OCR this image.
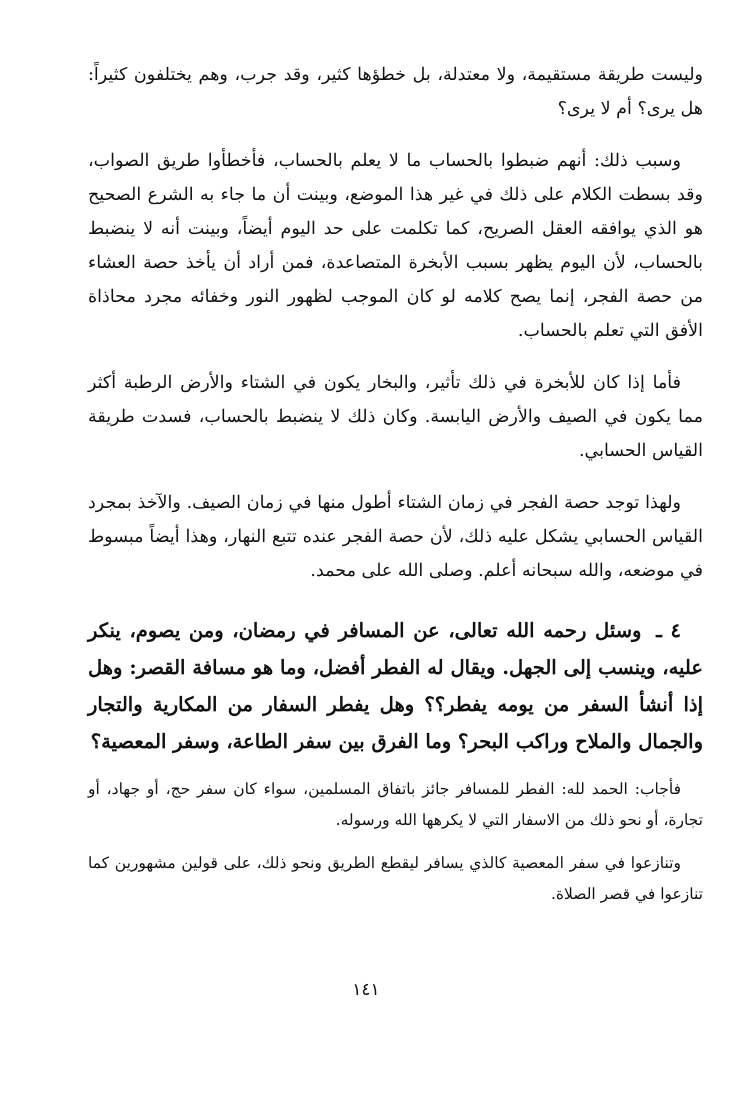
وليست طريقة مستقيمة، ولا معتدلة، بل خطؤها كثير، وقد جرب، وهم يختلفون كثيراً: هل يرى؟ أم لا يرى؟

وسبب ذلك: أنهم ضبطوا بالحساب ما لا يعلم بالحساب، فأخطأوا طريق الصواب، وقد بسطت الكلام على ذلك في غير هذا الموضع، وبينت أن ما جاء به الشرع الصحيح هو الذي يوافقه العقل الصريح، كما تكلمت على حد اليوم أيضاً، وبينت أنه لا ينضبط بالحساب، لأن اليوم يظهر بسبب الأبخرة المتصاعدة، فمن أراد أن يأخذ حصة العشاء من حصة الفجر، إنما يصح كلامه لو كان الموجب لظهور النور وخفائه مجرد محاذاة الأفق التي تعلم بالحساب.

فأما إذا كان للأبخرة في ذلك تأثير، والبخار يكون في الشتاء والأرض الرطبة أكثر مما يكون في الصيف والأرض اليابسة. وكان ذلك لا ينضبط بالحساب، فسدت طريقة القياس الحسابي.

ولهذا توجد حصة الفجر في زمان الشتاء أطول منها في زمان الصيف. والآخذ بمجرد القياس الحسابي يشكل عليه ذلك، لأن حصة الفجر عنده تتبع النهار، وهذا أيضاً مبسوط في موضعه، والله سبحانه أعلم. وصلى الله على محمد.

٤ ـ وسئل رحمه الله تعالى، عن المسافر في رمضان، ومن يصوم، ينكر عليه، وينسب إلى الجهل. ويقال له الفطر أفضل، وما هو مسافة القصر: وهل إذا أنشأ السفر من يومه يفطر؟؟ وهل يفطر السفار من المكارية والتجار والجمال والملاح وراكب البحر؟ وما الفرق بين سفر الطاعة، وسفر المعصية؟

فأجاب: الحمد لله: الفطر للمسافر جائز باتفاق المسلمين، سواء كان سفر حج، أو جهاد، أو تجارة، أو نحو ذلك من الاسفار التي لا يكرهها الله ورسوله.

وتنازعوا في سفر المعصية كالذي يسافر ليقطع الطريق ونحو ذلك، على قولين مشهورين كما تنازعوا في قصر الصلاة.

١٤١
